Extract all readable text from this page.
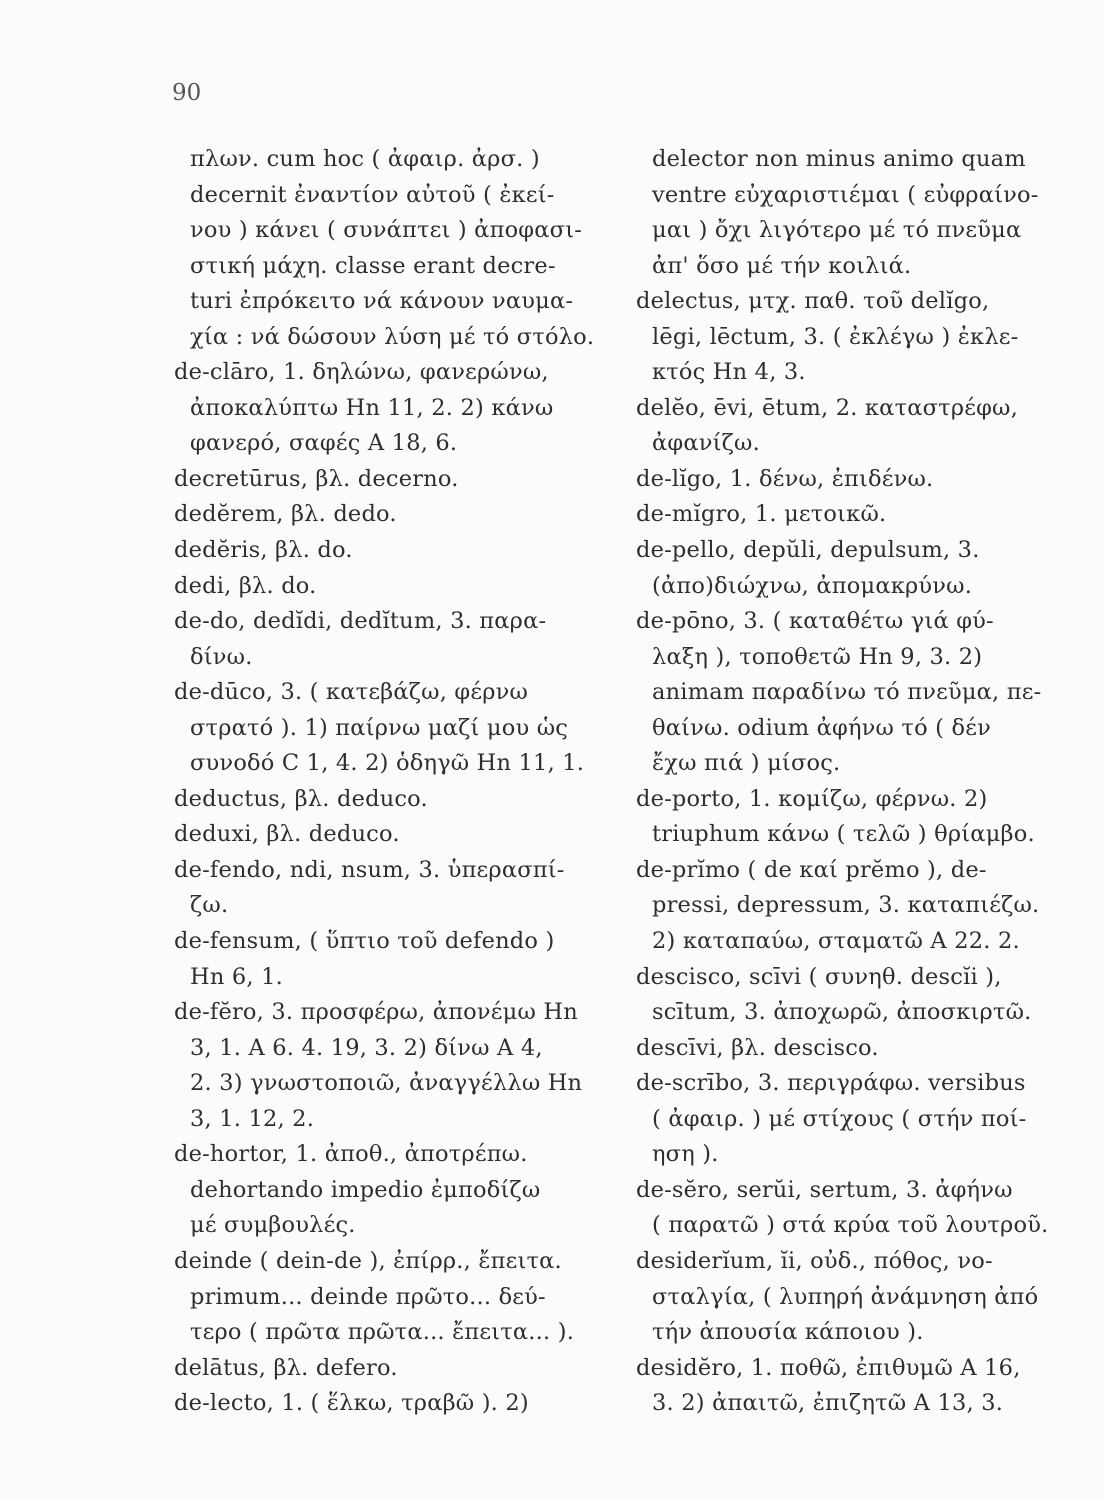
90
πλων. cum hoc ( ἀφαιρ. ἀρσ. )
decernit ἐναντίον αὐτοῦ ( ἐκεί-
νου ) κάνει ( συνάπτει ) ἀποφασι-
στική μάχη. classe erant decre-
turi ἐπρόκειτο νά κάνουν ναυμα-
χία : νά δώσουν λύση μέ τό στόλο.
de-clāro, 1. δηλώνω, φανερώνω,
ἀποκαλύπτω Hn 11, 2. 2) κάνω
φανερό, σαφές A 18, 6.
decretūrus, βλ. decerno.
dedĕrem, βλ. dedo.
dedĕris, βλ. do.
dedi, βλ. do.
de-do, dedĭdi, dedĭtum, 3. παρα-
δίνω.
de-dūco, 3. ( κατεβάζω, φέρνω
στρατό ). 1) παίρνω μαζί μου ὡς
συνοδό C 1, 4. 2) ὁδηγῶ Hn 11, 1.
deductus, βλ. deduco.
deduxi, βλ. deduco.
de-fendo, ndi, nsum, 3. ὑπερασπί-
ζω.
de-fensum, ( ὕπτιο τοῦ defendo )
Hn 6, 1.
de-fĕro, 3. προσφέρω, ἀπονέμω Hn
3, 1. A 6. 4. 19, 3. 2) δίνω A 4,
2. 3) γνωστοποιῶ, ἀναγγέλλω Hn
3, 1. 12, 2.
de-hortor, 1. ἀποθ., ἀποτρέπω.
dehortando impedio ἐμποδίζω
μέ συμβουλές.
deinde ( dein-de ), ἐπίρρ., ἔπειτα.
primum... deinde πρῶτο... δεύ-
τερο ( πρῶτα πρῶτα... ἔπειτα... ).
delātus, βλ. defero.
de-lecto, 1. ( ἕλκω, τραβῶ ). 2)
delector non minus animo quam
ventre εὐχαριστιέμαι ( εὐφραίνο-
μαι ) ὄχι λιγότερο μέ τό πνεῦμα
ἀπ' ὅσο μέ τήν κοιλιά.
delectus, μτχ. παθ. τοῦ delĭgo,
lēgi, lēctum, 3. ( ἐκλέγω ) ἐκλε-
κτός Hn 4, 3.
delĕo, ēvi, ētum, 2. καταστρέφω,
ἀφανίζω.
de-lĭgo, 1. δένω, ἐπιδένω.
de-mĭgro, 1. μετοικῶ.
de-pello, depŭli, depulsum, 3.
(ἀπο)διώχνω, ἀπομακρύνω.
de-pōno, 3. ( καταθέτω γιά φύ-
λαξη ), τοποθετῶ Hn 9, 3. 2)
animam παραδίνω τό πνεῦμα, πε-
θαίνω. odium ἀφήνω τό ( δέν
ἔχω πιά ) μίσος.
de-porto, 1. κομίζω, φέρνω. 2)
triuphum κάνω ( τελῶ ) θρίαμβο.
de-prĭmo ( de καί prĕmo ), de-
pressi, depressum, 3. καταπιέζω.
2) καταπαύω, σταματῶ A 22. 2.
descisco, scīvi ( συνηθ. descĭi ),
scītum, 3. ἀποχωρῶ, ἀποσκιρτῶ.
descīvi, βλ. descisco.
de-scrībo, 3. περιγράφω. versibus
( ἀφαιρ. ) μέ στίχους ( στήν ποί-
ηση ).
de-sĕro, serŭi, sertum, 3. ἀφήνω
( παρατῶ ) στά κρύα τοῦ λουτροῦ.
desiderĭum, ĭi, οὐδ., πόθος, νο-
σταλγία, ( λυπηρή ἀνάμνηση ἀπό
τήν ἀπουσία κάποιου ).
desidĕro, 1. ποθῶ, ἐπιθυμῶ A 16,
3. 2) ἀπαιτῶ, ἐπιζητῶ A 13, 3.
